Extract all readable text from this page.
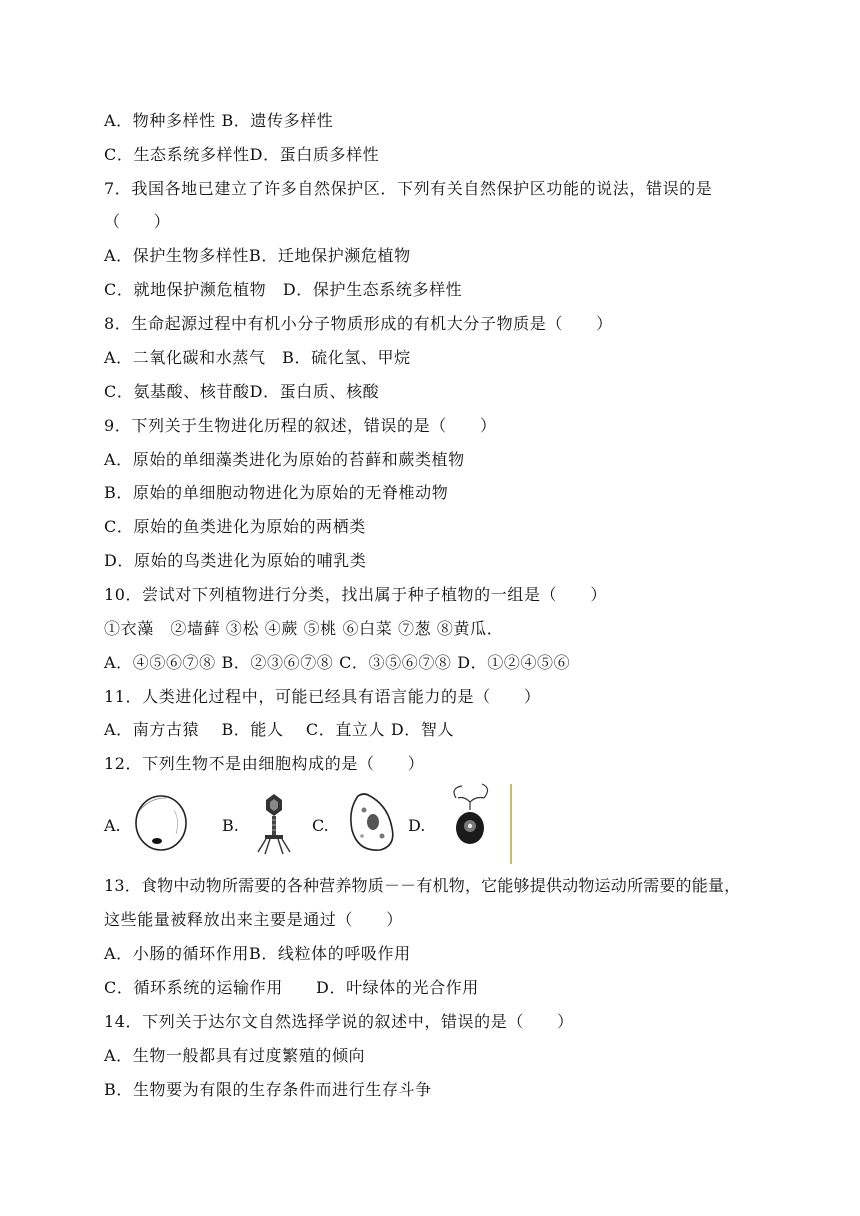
A．物种多样性 B．遗传多样性
C．生态系统多样性D．蛋白质多样性
7．我国各地已建立了许多自然保护区．下列有关自然保护区功能的说法，错误的是
（　　）
A．保护生物多样性B．迁地保护濒危植物
C．就地保护濒危植物　D．保护生态系统多样性
8．生命起源过程中有机小分子物质形成的有机大分子物质是（　　）
A．二氧化碳和水蒸气　B．硫化氢、甲烷
C．氨基酸、核苷酸D．蛋白质、核酸
9．下列关于生物进化历程的叙述，错误的是（　　）
A．原始的单细藻类进化为原始的苔藓和蕨类植物
B．原始的单细胞动物进化为原始的无脊椎动物
C．原始的鱼类进化为原始的两栖类
D．原始的鸟类进化为原始的哺乳类
10．尝试对下列植物进行分类，找出属于种子植物的一组是（　　）
①衣藻　②墙藓 ③松 ④蕨 ⑤桃 ⑥白菜 ⑦葱 ⑧黄瓜．
A．④⑤⑥⑦⑧ B．②③⑥⑦⑧ C．③⑤⑥⑦⑧ D．①②④⑤⑥
11．人类进化过程中，可能已经具有语言能力的是（　　）
A．南方古猿　 B．能人　 C．直立人 D．智人
12．下列生物不是由细胞构成的是（　　）
A.	B.	C.	D.
13．食物中动物所需要的各种营养物质－－有机物，它能够提供动物运动所需要的能量，
这些能量被释放出来主要是通过（　　）
A．小肠的循环作用B．线粒体的呼吸作用
C．循环系统的运输作用　　D．叶绿体的光合作用
14．下列关于达尔文自然选择学说的叙述中，错误的是（　　）
A．生物一般都具有过度繁殖的倾向
B．生物要为有限的生存条件而进行生存斗争
